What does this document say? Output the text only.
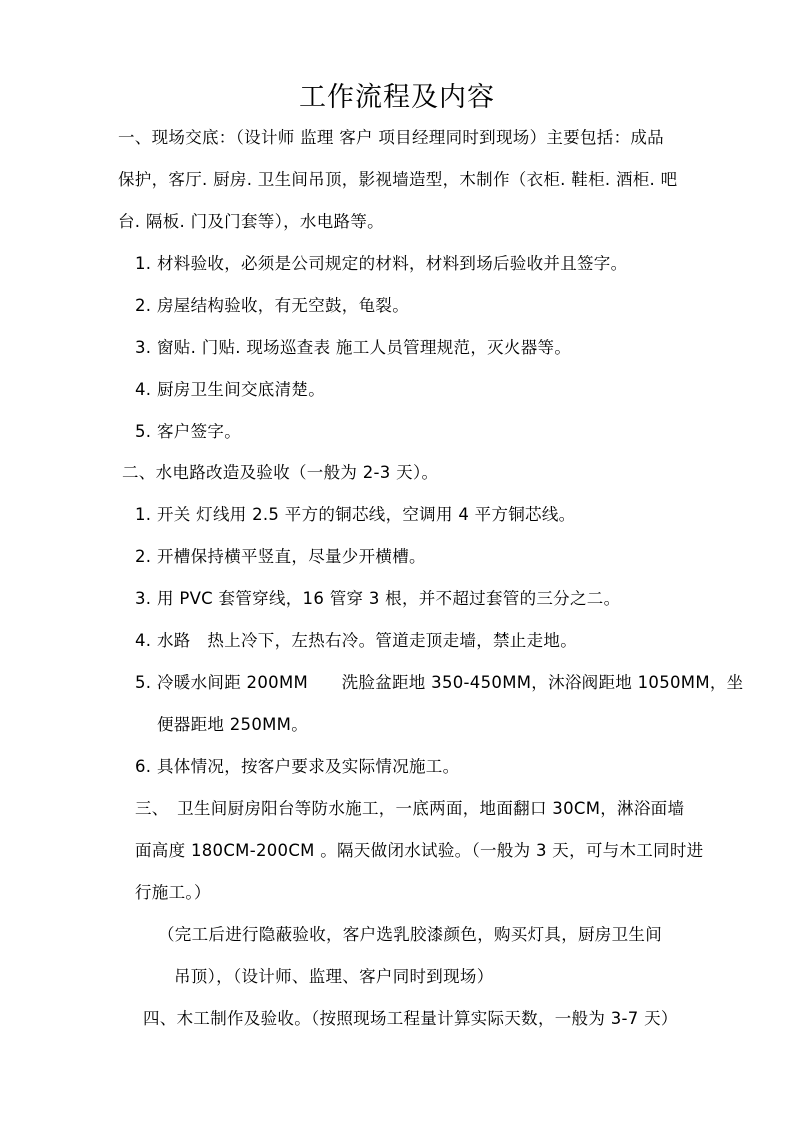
工作流程及内容
一、现场交底：（设计师 监理 客户 项目经理同时到现场）主要包括：成品
保护，客厅. 厨房. 卫生间吊顶，影视墙造型，木制作（衣柜. 鞋柜. 酒柜. 吧
台. 隔板. 门及门套等），水电路等。
1. 材料验收，必须是公司规定的材料，材料到场后验收并且签字。
2. 房屋结构验收，有无空鼓，龟裂。
3. 窗贴. 门贴. 现场巡查表 施工人员管理规范，灭火器等。
4. 厨房卫生间交底清楚。
5. 客户签字。
二、水电路改造及验收（一般为 2-3 天）。
1. 开关 灯线用 2.5 平方的铜芯线，空调用 4 平方铜芯线。
2. 开槽保持横平竖直，尽量少开横槽。
3. 用 PVC 套管穿线，16 管穿 3 根，并不超过套管的三分之二。
4. 水路　热上冷下，左热右冷。管道走顶走墙，禁止走地。
5. 冷暖水间距 200MM　　洗脸盆距地 350-450MM，沐浴阀距地 1050MM，坐
便器距地 250MM。
6. 具体情况，按客户要求及实际情况施工。
三、　卫生间厨房阳台等防水施工，一底两面，地面翻口 30CM，淋浴面墙
面高度 180CM-200CM 。隔天做闭水试验。（一般为 3 天，可与木工同时进
行施工。）
（完工后进行隐蔽验收，客户选乳胶漆颜色，购买灯具，厨房卫生间
吊顶），（设计师、监理、客户同时到现场）
四、木工制作及验收。（按照现场工程量计算实际天数，一般为 3-7 天）
